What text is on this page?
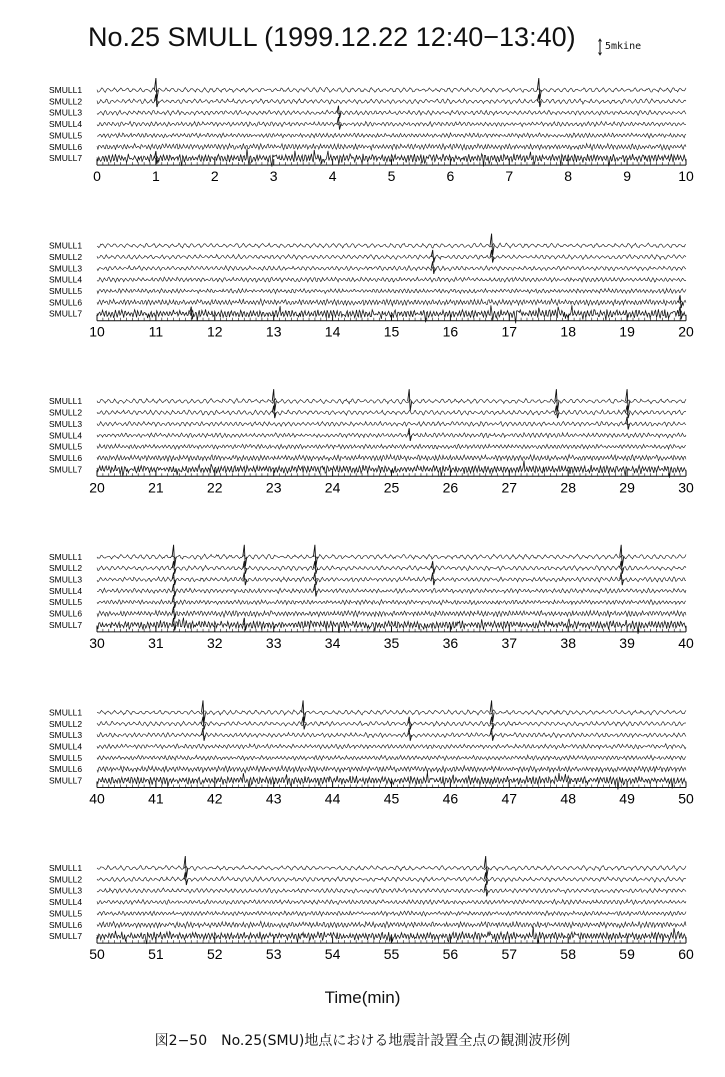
No.25 SMULL (1999.12.22 12:40−13:40)	5mkine
SMULL1
SMULL2
SMULL3
SMULL4
SMULL5
SMULL6
SMULL7
0	1	2	3	4	5	6	7	8	9	10
SMULL1
SMULL2
SMULL3
SMULL4
SMULL5
SMULL6
SMULL7
10	11	12	13	14	15	16	17	18	19	20
SMULL1
SMULL2
SMULL3
SMULL4
SMULL5
SMULL6
SMULL7
20	21	22	23	24	25	26	27	28	29	30
SMULL1
SMULL2
SMULL3
SMULL4
SMULL5
SMULL6
SMULL7
30	31	32	33	34	35	36	37	38	39	40
SMULL1
SMULL2
SMULL3
SMULL4
SMULL5
SMULL6
SMULL7
40	41	42	43	44	45	46	47	48	49	50
SMULL1
SMULL2
SMULL3
SMULL4
SMULL5
SMULL6
SMULL7
50	51	52	53	54	55	56	57	58	59	60
Time(min)
図2−50　No.25(SMU)地点における地震計設置全点の観測波形例
